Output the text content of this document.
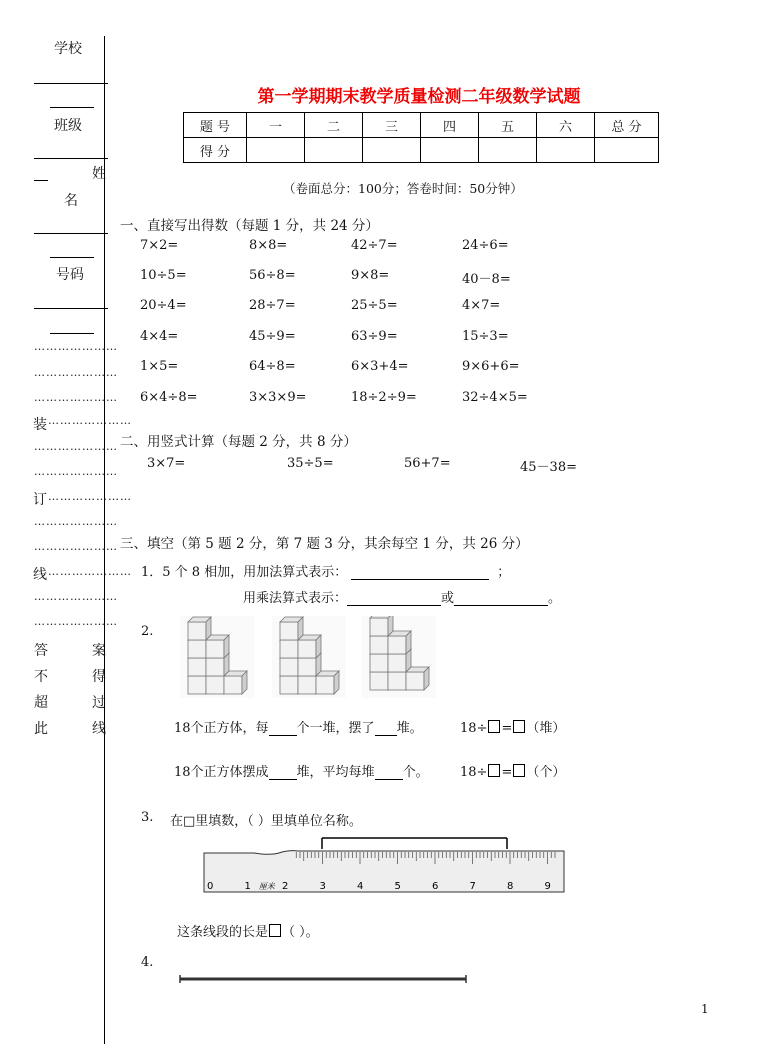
学校
班级
姓
名
号码
…………………
…………………
…………………
装 …………………
…………………
…………………
订 …………………
…………………
…………………
线 …………………
…………………
…………………
答	案
不	得
超	过
此	线
第一学期期末教学质量检测二年级数学试题
题 号	一	二	三	四	五	六	总 分
得 分							
（卷面总分：100分；答卷时间：50分钟）
一、直接写出得数（每题 1 分，共 24 分）
7×2=	8×8=	42÷7=	24÷6=
10÷5=	56÷8=	9×8=	40－8=
20÷4=	28÷7=	25÷5=	4×7=
4×4=	45÷9=	63÷9=	15÷3=
1×5=	64÷8=	6×3+4=	9×6+6=
6×4÷8=	3×3×9=	18÷2÷9=	32÷4×5=
二、用竖式计算（每题 2 分，共 8 分）
3×7=	35÷5=	56+7=	45－38=
三、填空（第 5 题 2 分，第 7 题 3 分，其余每空 1 分，共 26 分）
1．5 个 8 相加，用加法算式表示：	；
用乘法算式表示：	或	。
2.
18个正方体，每 个一堆，摆了 堆。	18÷ = （堆）
18个正方体摆成 堆，平均每堆 个。 18÷ = （个）
3. 在□里填数，（ ）里填单位名称。
0	1	2	3	4	5	6	7	8	9
厘米
这条线段的长是 （ ）。
4.
1
